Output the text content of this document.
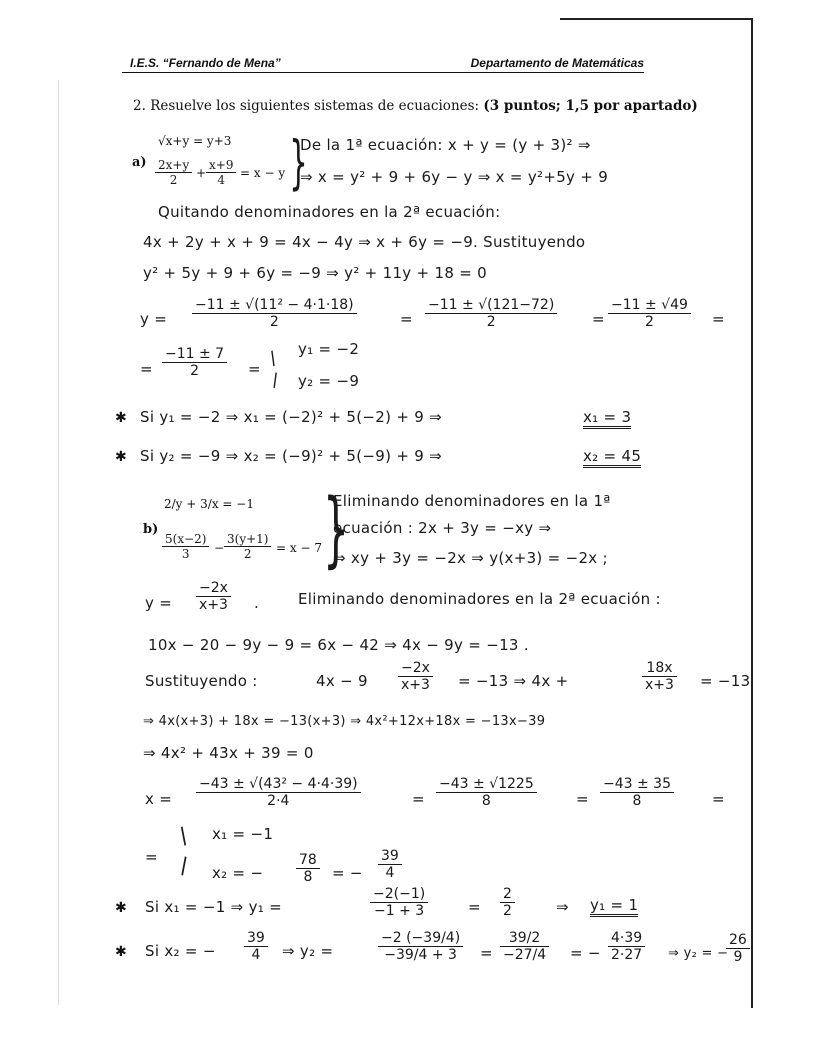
I.E.S. “Fernando de Mena”	Departamento de Matemáticas
2. Resuelve los siguientes sistemas de ecuaciones: (3 puntos; 1,5 por apartado)
a)
√x+y = y+3
$\frac{2x+y}{2} + \frac{x+9}{4} = x - y$ }
De la 1ª ecuación: x + y = (y + 3)² ⇒
⇒ x = y² + 9 + 6y − y ⇒ x = y²+5y + 9
Quitando denominadores en la 2ª ecuación:
4x + 2y + x + 9 = 4x − 4y ⇒ x + 6y = −9. Sustituyendo
y² + 5y + 9 + 6y = −9 ⇒ y² + 11y + 18 = 0
$y = \frac{\text{−11 ± √(11² − 4·1·18)}}{2}$	= $\frac{-11 \pm √(121-72)}{2} = \frac{-11 \pm √49}{2}$ =
= $\frac{-11 \pm 7}{2}$ = /
\
y₁ = −2
y₂ = −9
✱ Si y₁ = −2 ⇒ x₁ = (−2)² + 5(−2) + 9 ⇒	x₁ = 3
✱ Si y₂ = −9 ⇒ x₂ = (−9)² + 5(−9) + 9 ⇒	x₂ = 45
b)
2/y + 3/x = −1
$\frac{5(x-2)}{3} - \frac{3(y+1)}{2} = x - 7$ }
Eliminando denominadores en la 1ª
ecuación : 2x + 3y = −xy ⇒
⇒ xy + 3y = −2x ⇒ y(x+3) = −2x ;
$y = \frac{-2x}{x+3}$ .	Eliminando denominadores en la 2ª ecuación :
10x − 20 − 9y − 9 = 6x − 42 ⇒ 4x − 9y = −13 .
Sustituyendo :	$4x - 9 \frac{-2x}{x+3} = -13$ ⇒ 4x +	$\frac{18x}{x+3} = -13$
⇒ 4x(x+3) + 18x = −13(x+3) ⇒ 4x²+12x+18x = −13x−39
⇒ 4x² + 43x + 39 = 0
$x = \frac{\text{−43 ± √(43² − 4·4·39)}}{2\cdot 4}$	= $\frac{-43 \pm √1225}{8}$	= $\frac{-43 \pm 35}{8}$	=
=
/
\
x₁ = −1
x₂ = − $\frac{78}{8}$ = − $\frac{39}{4}$
✱ Si x₁ = −1 ⇒ y₁ =	$\frac{-2(-1)}{-1 + 3}$	= $\frac{2}{2}$	⇒ y₁ = 1
✱ Si x₂ = − $\frac{39}{4}$ ⇒ y₂ =	$\frac{-2 (-39/4)}{-39/4 + 3} = \frac{39/2}{-27/4}$ = − $\frac{4\cdot 39}{2\cdot 27}$ ⇒ y₂ = −
$\frac{26}{9}$
